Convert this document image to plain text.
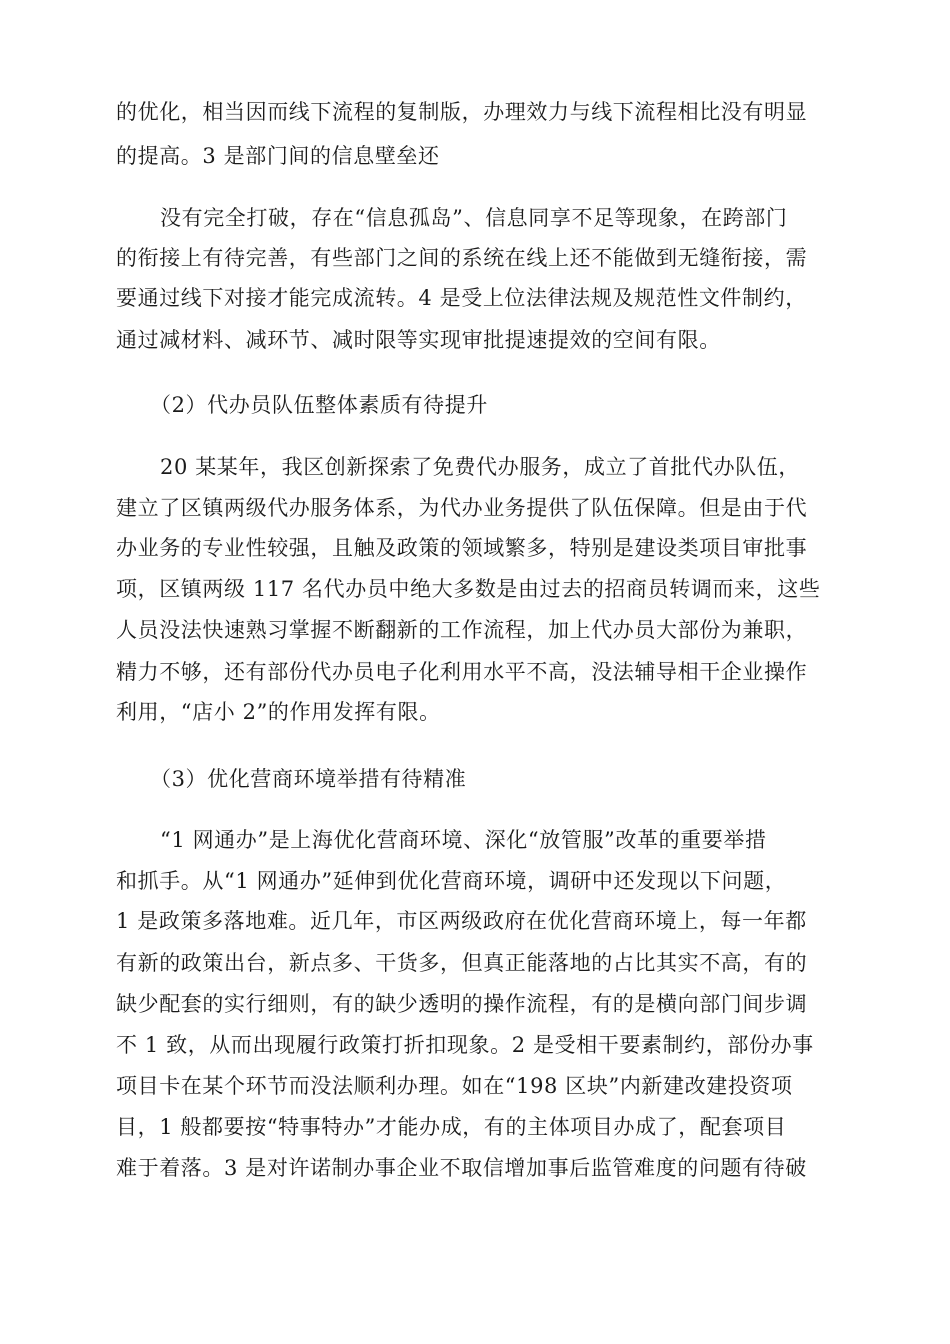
的优化，相当因而线下流程的复制版，办理效力与线下流程相比没有明显
的提高。3 是部门间的信息壁垒还
没有完全打破，存在“信息孤岛”、信息同享不足等现象，在跨部门
的衔接上有待完善，有些部门之间的系统在线上还不能做到无缝衔接，需
要通过线下对接才能完成流转。4 是受上位法律法规及规范性文件制约，
通过减材料、减环节、减时限等实现审批提速提效的空间有限。
（2）代办员队伍整体素质有待提升
20 某某年，我区创新探索了免费代办服务，成立了首批代办队伍，
建立了区镇两级代办服务体系，为代办业务提供了队伍保障。但是由于代
办业务的专业性较强，且触及政策的领域繁多，特别是建设类项目审批事
项，区镇两级 117 名代办员中绝大多数是由过去的招商员转调而来，这些
人员没法快速熟习掌握不断翻新的工作流程，加上代办员大部份为兼职，
精力不够，还有部份代办员电子化利用水平不高，没法辅导相干企业操作
利用，“店小 2”的作用发挥有限。
（3）优化营商环境举措有待精准
“1 网通办”是上海优化营商环境、深化“放管服”改革的重要举措
和抓手。从“1 网通办”延伸到优化营商环境，调研中还发现以下问题，
1 是政策多落地难。近几年，市区两级政府在优化营商环境上，每一年都
有新的政策出台，新点多、干货多，但真正能落地的占比其实不高，有的
缺少配套的实行细则，有的缺少透明的操作流程，有的是横向部门间步调
不 1 致，从而出现履行政策打折扣现象。2 是受相干要素制约，部份办事
项目卡在某个环节而没法顺利办理。如在“198 区块”内新建改建投资项
目，1 般都要按“特事特办”才能办成，有的主体项目办成了，配套项目
难于着落。3 是对许诺制办事企业不取信增加事后监管难度的问题有待破
